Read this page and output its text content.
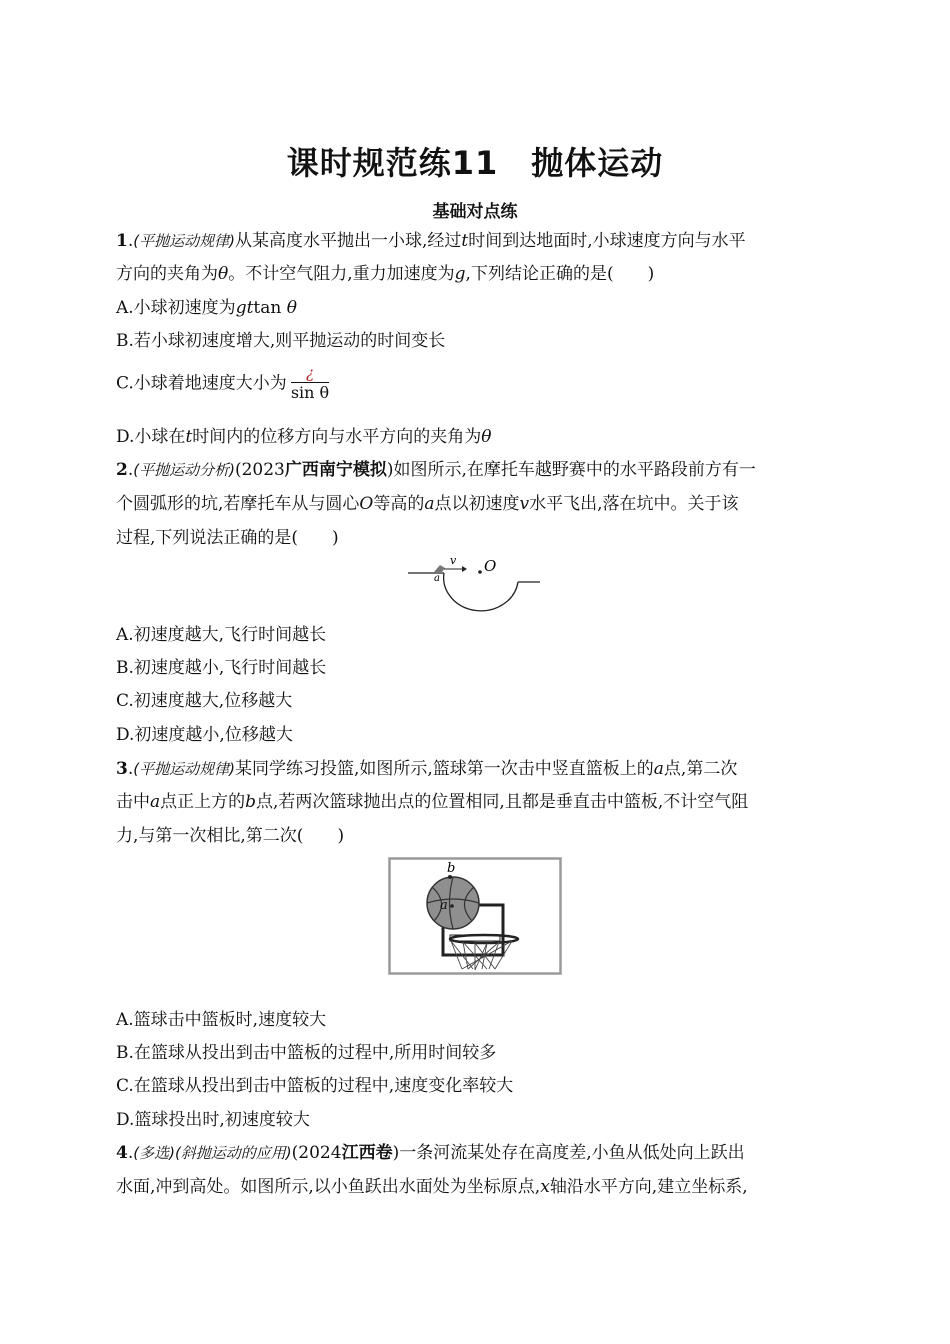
课时规范练11　抛体运动
基础对点练
1.(平抛运动规律)从某高度水平抛出一小球,经过t时间到达地面时,小球速度方向与水平
方向的夹角为θ。不计空气阻力,重力加速度为g,下列结论正确的是(　　)
A.小球初速度为gttan θ
B.若小球初速度增大,则平抛运动的时间变长
C.小球着地速度大小为 $\frac{¿}{\text{sin θ}}$
D.小球在t时间内的位移方向与水平方向的夹角为θ
2.(平抛运动分析)(2023广西南宁模拟)如图所示,在摩托车越野赛中的水平路段前方有一
个圆弧形的坑,若摩托车从与圆心O等高的a点以初速度v水平飞出,落在坑中。关于该
过程,下列说法正确的是(　　)
v O
a
A.初速度越大,飞行时间越长
B.初速度越小,飞行时间越长
C.初速度越大,位移越大
D.初速度越小,位移越大
3.(平抛运动规律)某同学练习投篮,如图所示,篮球第一次击中竖直篮板上的a点,第二次
击中a点正上方的b点,若两次篮球抛出点的位置相同,且都是垂直击中篮板,不计空气阻
力,与第一次相比,第二次(　　)
b
a
A.篮球击中篮板时,速度较大
B.在篮球从投出到击中篮板的过程中,所用时间较多
C.在篮球从投出到击中篮板的过程中,速度变化率较大
D.篮球投出时,初速度较大
4.(多选)(斜抛运动的应用)(2024江西卷)一条河流某处存在高度差,小鱼从低处向上跃出
水面,冲到高处。如图所示,以小鱼跃出水面处为坐标原点,x轴沿水平方向,建立坐标系,
